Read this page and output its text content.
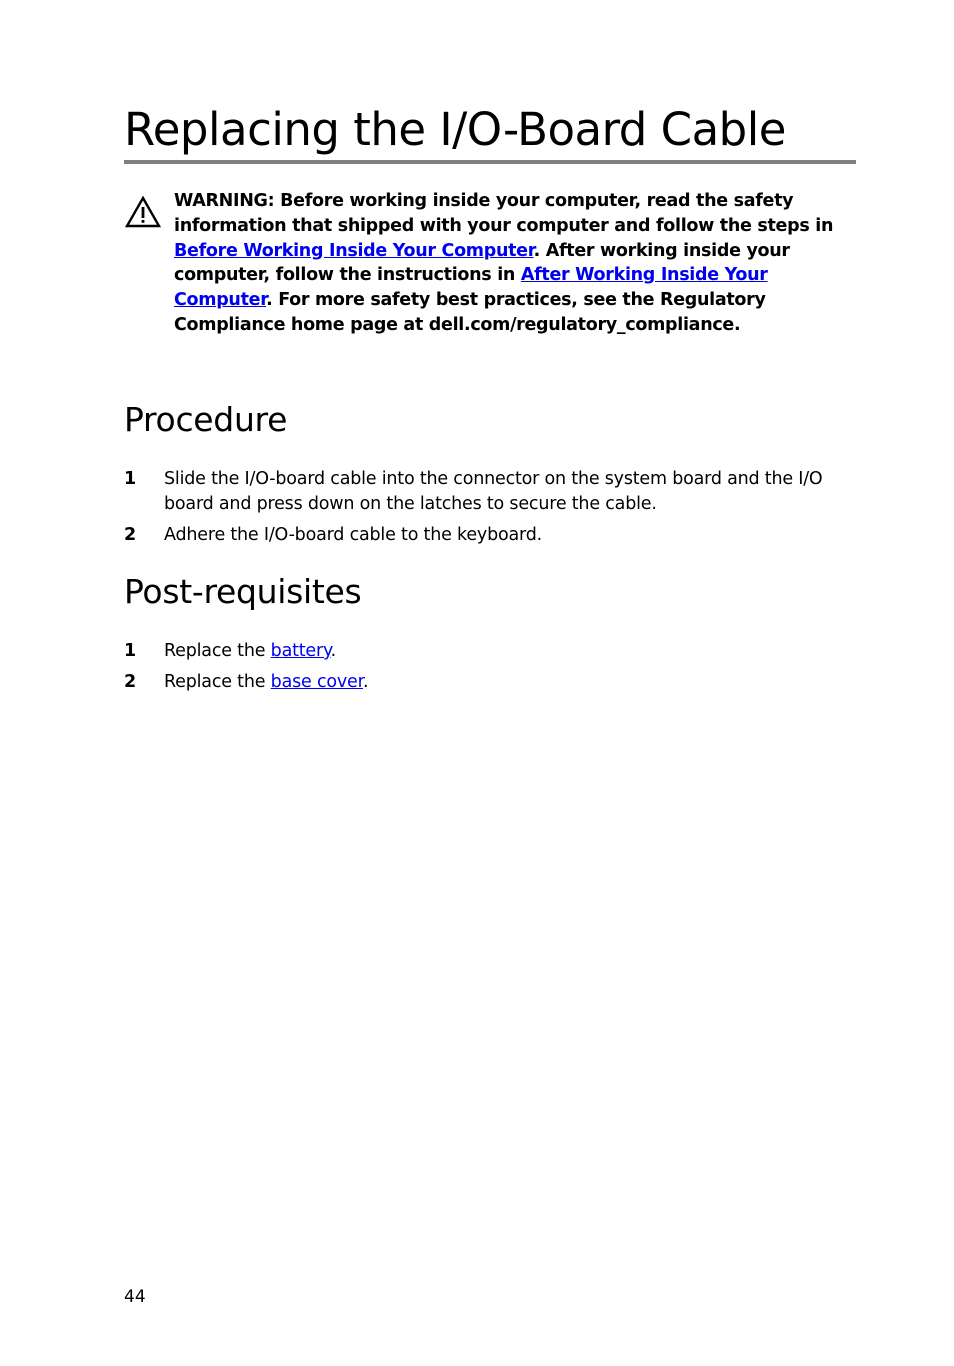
Replacing the I/O-Board Cable
WARNING: Before working inside your computer, read the safety information that shipped with your computer and follow the steps in Before Working Inside Your Computer. After working inside your computer, follow the instructions in After Working Inside Your Computer. For more safety best practices, see the Regulatory Compliance home page at dell.com/regulatory_compliance.
Procedure
1 Slide the I/O-board cable into the connector on the system board and the I/O board and press down on the latches to secure the cable.
2 Adhere the I/O-board cable to the keyboard.
Post-requisites
1 Replace the battery.
2 Replace the base cover.
44
